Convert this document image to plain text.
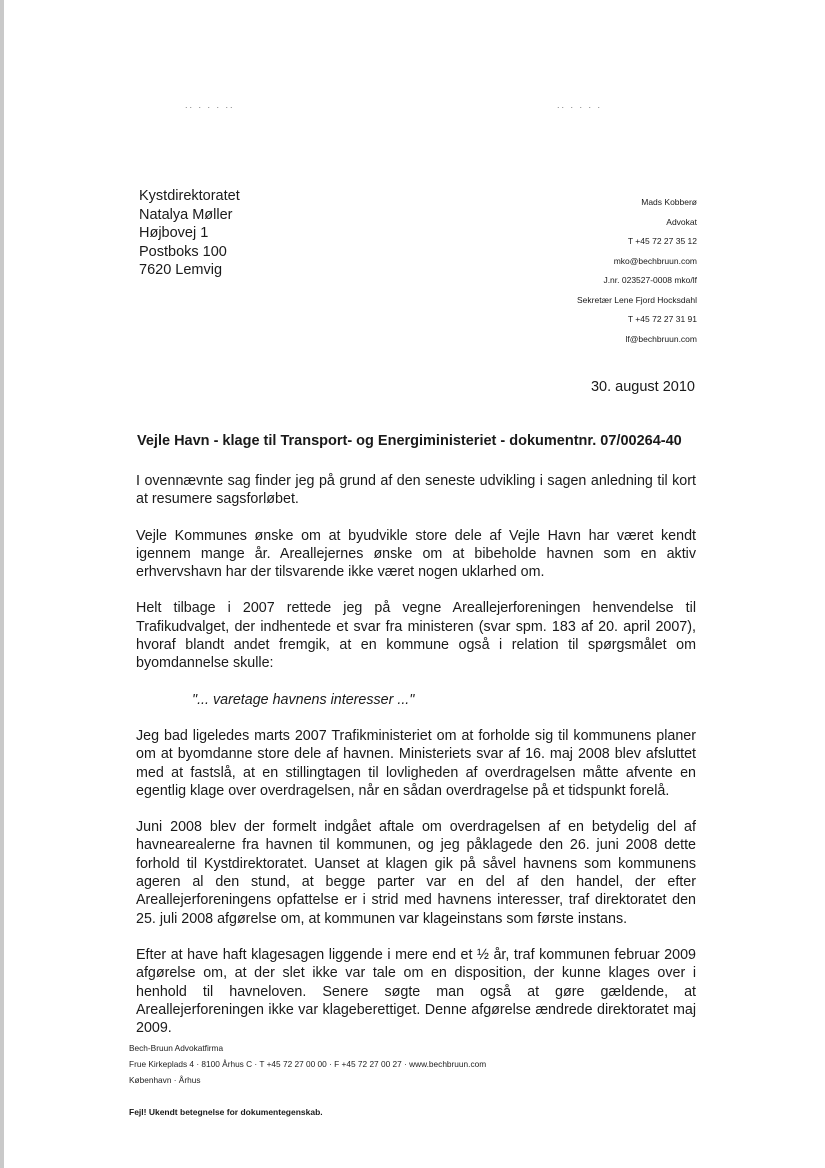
.. . . . ..	.. . . . .
Kystdirektoratet
Natalya Møller
Højbovej 1
Postboks 100
7620 Lemvig
Mads Kobberø
Advokat
T +45 72 27 35 12
mko@bechbruun.com
J.nr. 023527-0008 mko/lf
Sekretær Lene Fjord Hocksdahl
T +45 72 27 31 91
lf@bechbruun.com
30. august 2010
Vejle Havn - klage til Transport- og Energiministeriet - dokumentnr. 07/00264-40

I ovennævnte sag finder jeg på grund af den seneste udvikling i sagen anledning til kort at resumere sagsforløbet.

Vejle Kommunes ønske om at byudvikle store dele af Vejle Havn har været kendt igennem mange år. Areallejernes ønske om at bibeholde havnen som en aktiv erhvervshavn har der tilsvarende ikke været nogen uklarhed om.

Helt tilbage i 2007 rettede jeg på vegne Areallejerforeningen henvendelse til Trafikudvalget, der indhentede et svar fra ministeren (svar spm. 183 af 20. april 2007), hvoraf blandt andet fremgik, at en kommune også i relation til spørgsmålet om byomdannelse skulle:

"... varetage havnens interesser ..."

Jeg bad ligeledes marts 2007 Trafikministeriet om at forholde sig til kommunens planer om at byomdanne store dele af havnen. Ministeriets svar af 16. maj 2008 blev afsluttet med at fastslå, at en stillingtagen til lovligheden af overdragelsen måtte afvente en egentlig klage over overdragelsen, når en sådan overdragelse på et tidspunkt forelå.

Juni 2008 blev der formelt indgået aftale om overdragelsen af en betydelig del af havnearealerne fra havnen til kommunen, og jeg påklagede den 26. juni 2008 dette forhold til Kystdirektoratet. Uanset at klagen gik på såvel havnens som kommunens ageren al den stund, at begge parter var en del af den handel, der efter Areallejerforeningens opfattelse er i strid med havnens interesser, traf direktoratet den 25. juli 2008 afgørelse om, at kommunen var klageinstans som første instans.

Efter at have haft klagesagen liggende i mere end et ½ år, traf kommunen februar 2009 afgørelse om, at der slet ikke var tale om en disposition, der kunne klages over i henhold til havneloven. Senere søgte man også at gøre gældende, at Areallejerforeningen ikke var klageberettiget. Denne afgørelse ændrede direktoratet maj 2009.

Bech-Bruun Advokatfirma
Frue Kirkeplads 4 · 8100 Århus C · T +45 72 27 00 00 · F +45 72 27 00 27 · www.bechbruun.com
København · Århus
Fejl! Ukendt betegnelse for dokumentegenskab.
